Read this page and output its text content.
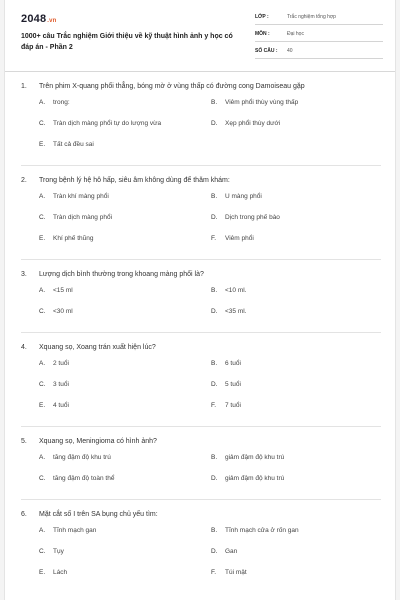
2048.vn
1000+ câu Trắc nghiệm Giới thiệu về kỹ thuật hình ảnh y học có đáp án - Phần 2
LỚP :	Trắc nghiệm tổng hợp
MÔN :	Đại học
SỐ CÂU : 40
1. Trên phim X-quang phổi thẳng, bóng mờ ở vùng thấp có đường cong Damoiseau gặp
A. trong:	B. Viêm phổi thùy vùng thấp
C. Tràn dịch màng phổi tự do lượng vừa	D. Xẹp phổi thùy dưới
E. Tất cả đều sai
2. Trong bệnh lý hệ hô hấp, siêu âm không dùng để thăm khám:
A. Tràn khí màng phổi	B. U màng phổi
C. Tràn dịch màng phổi	D. Dịch trong phế bào
E. Khí phế thũng	F. Viêm phổi
3. Lượng dịch bình thường trong khoang màng phổi là?
A. <15 ml	B. <10 ml.
C. <30 ml	D. <35 ml.
4. Xquang sọ, Xoang trán xuất hiện lúc?
A. 2 tuổi	B. 6 tuổi
C. 3 tuổi	D. 5 tuổi
E. 4 tuổi	F. 7 tuổi
5. Xquang sọ, Meningioma có hình ảnh?
A. tăng đậm độ khu trú	B. giảm đậm độ khu trú
C. tăng đậm độ toàn thể	D. giảm đậm độ khu trú
6. Mặt cắt số I trên SA bụng chủ yếu tìm:
A. Tĩnh mạch gan	B. Tĩnh mạch cửa ở rốn gan
C. Tụy	D. Gan
E. Lách	F. Túi mật
